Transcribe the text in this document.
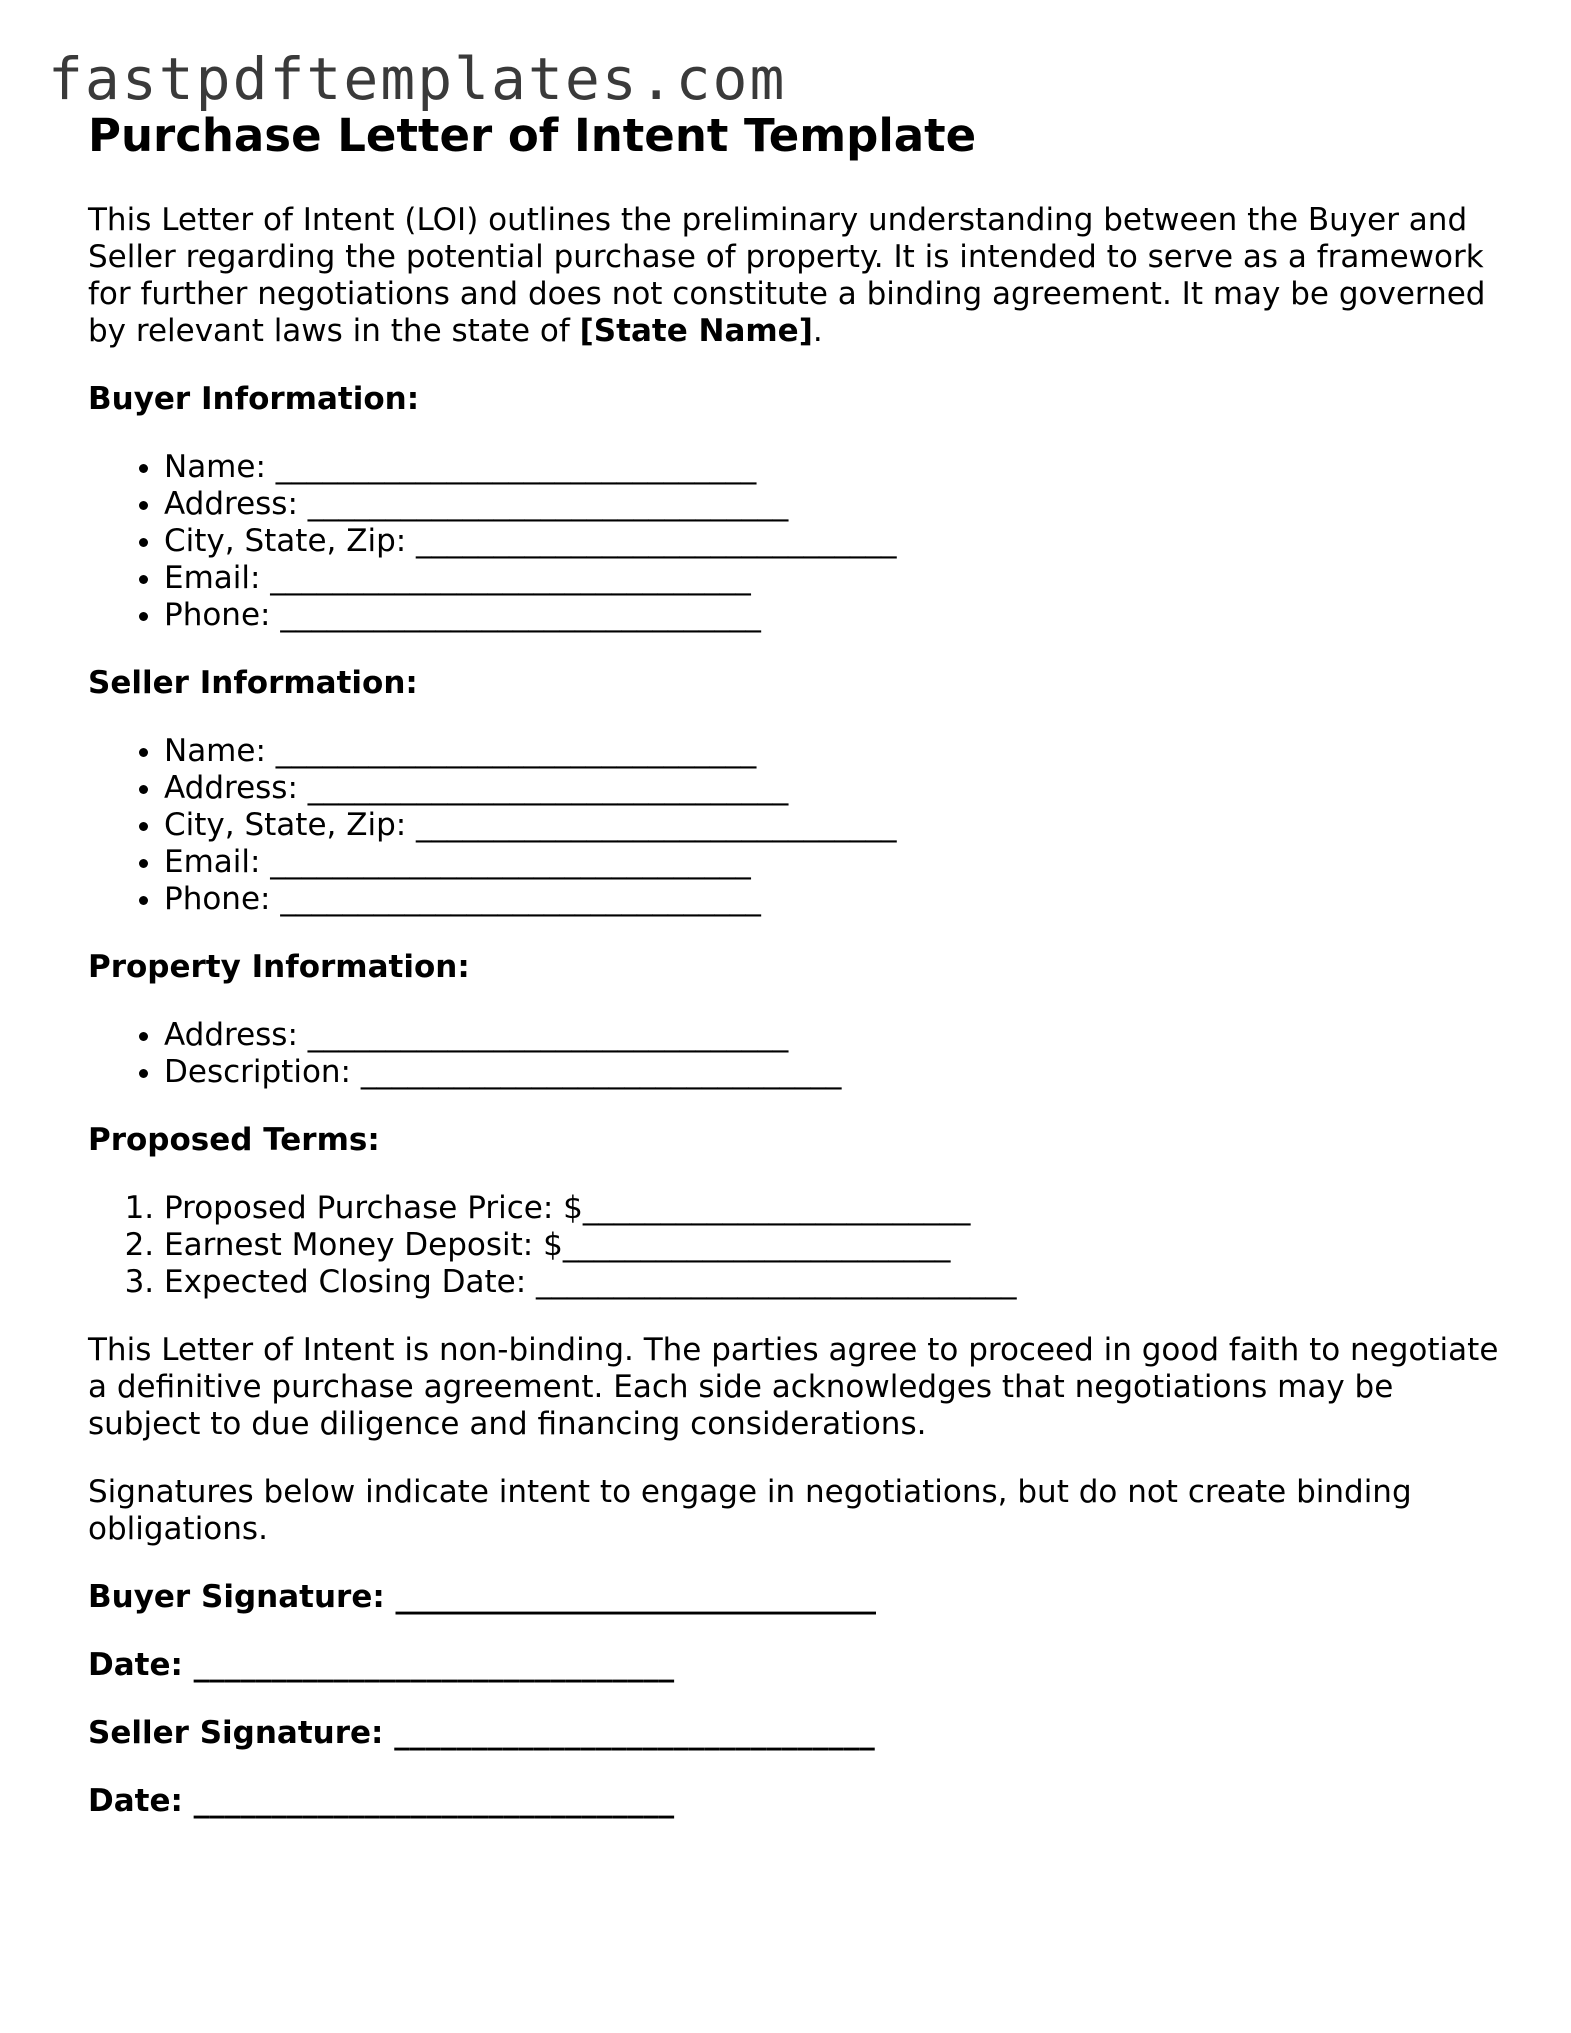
fastpdftemplates.com
Purchase Letter of Intent Template

This Letter of Intent (LOI) outlines the preliminary understanding between the Buyer and Seller regarding the potential purchase of property. It is intended to serve as a framework for further negotiations and does not constitute a binding agreement. It may be governed by relevant laws in the state of [State Name].

Buyer Information:
• Name: _______________________________
• Address: _______________________________
• City, State, Zip: _______________________________
• Email: _______________________________
• Phone: _______________________________
Seller Information:
• Name: _______________________________
• Address: _______________________________
• City, State, Zip: _______________________________
• Email: _______________________________
• Phone: _______________________________
Property Information:
• Address: _______________________________
• Description: _______________________________
Proposed Terms:
1. Proposed Purchase Price: $_________________________
2. Earnest Money Deposit: $_________________________
3. Expected Closing Date: _______________________________

This Letter of Intent is non-binding. The parties agree to proceed in good faith to negotiate a definitive purchase agreement. Each side acknowledges that negotiations may be subject to due diligence and financing considerations.

Signatures below indicate intent to engage in negotiations, but do not create binding obligations.

Buyer Signature: _______________________________
Date: _______________________________
Seller Signature: _______________________________
Date: _______________________________
